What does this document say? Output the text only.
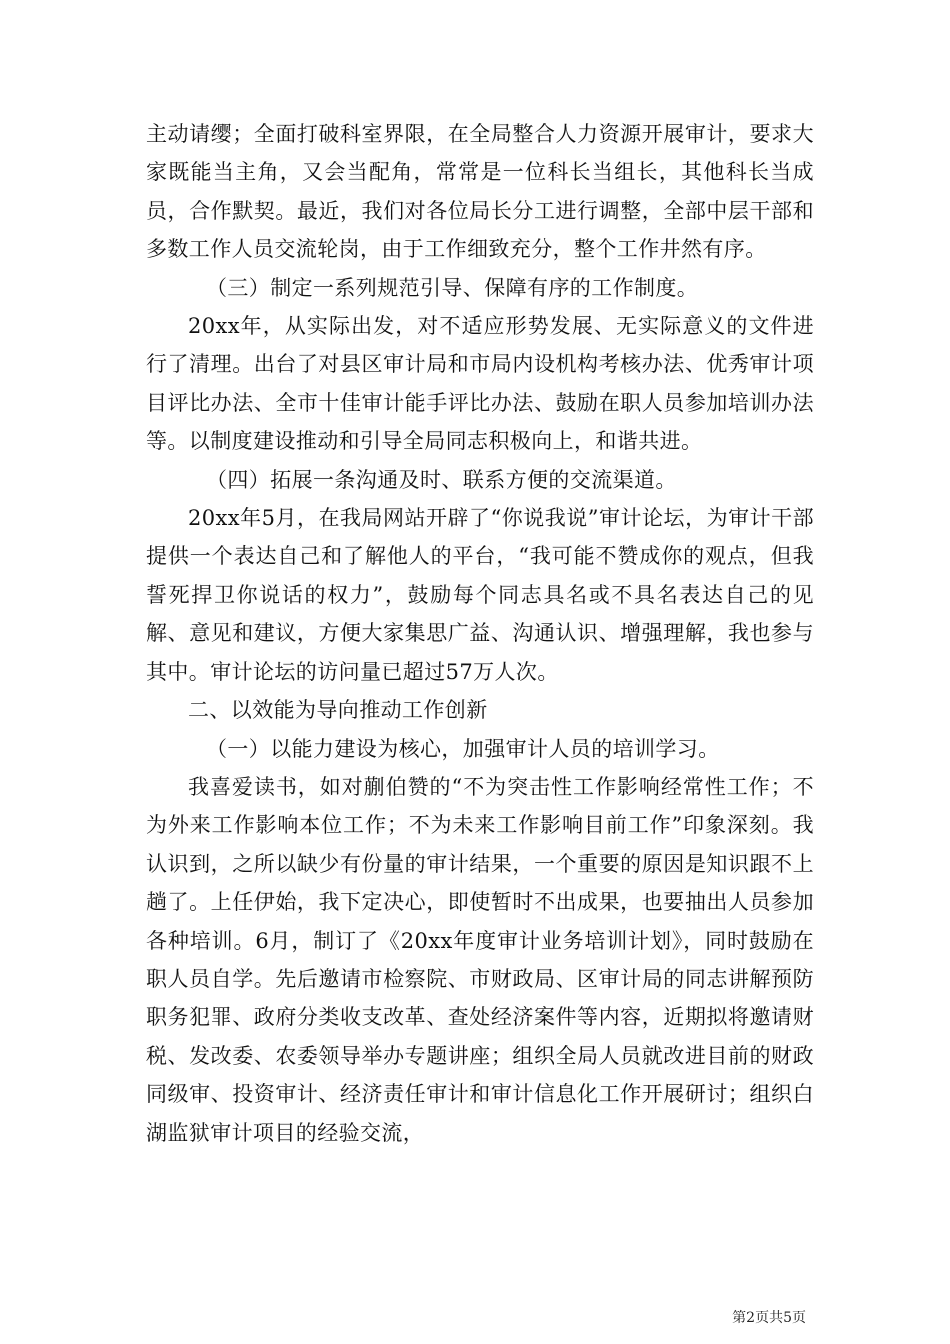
主动请缨；全面打破科室界限，在全局整合人力资源开展审计，要求大家既能当主角，又会当配角，常常是一位科长当组长，其他科长当成员，合作默契。最近，我们对各位局长分工进行调整，全部中层干部和多数工作人员交流轮岗，由于工作细致充分，整个工作井然有序。

（三）制定一系列规范引导、保障有序的工作制度。

20xx年，从实际出发，对不适应形势发展、无实际意义的文件进行了清理。出台了对县区审计局和市局内设机构考核办法、优秀审计项目评比办法、全市十佳审计能手评比办法、鼓励在职人员参加培训办法等。以制度建设推动和引导全局同志积极向上，和谐共进。

（四）拓展一条沟通及时、联系方便的交流渠道。

20xx年5月，在我局网站开辟了“你说我说”审计论坛，为审计干部提供一个表达自己和了解他人的平台，“我可能不赞成你的观点，但我誓死捍卫你说话的权力”，鼓励每个同志具名或不具名表达自己的见解、意见和建议，方便大家集思广益、沟通认识、增强理解，我也参与其中。审计论坛的访问量已超过57万人次。

二、以效能为导向推动工作创新

（一）以能力建设为核心，加强审计人员的培训学习。

我喜爱读书，如对蒯伯赞的“不为突击性工作影响经常性工作；不为外来工作影响本位工作；不为未来工作影响目前工作”印象深刻。我认识到，之所以缺少有份量的审计结果，一个重要的原因是知识跟不上趟了。上任伊始，我下定决心，即使暂时不出成果，也要抽出人员参加各种培训。6月，制订了《20xx年度审计业务培训计划》，同时鼓励在职人员自学。先后邀请市检察院、市财政局、区审计局的同志讲解预防职务犯罪、政府分类收支改革、查处经济案件等内容，近期拟将邀请财税、发改委、农委领导举办专题讲座；组织全局人员就改进目前的财政同级审、投资审计、经济责任审计和审计信息化工作开展研讨；组织白湖监狱审计项目的经验交流，

第2页共5页
